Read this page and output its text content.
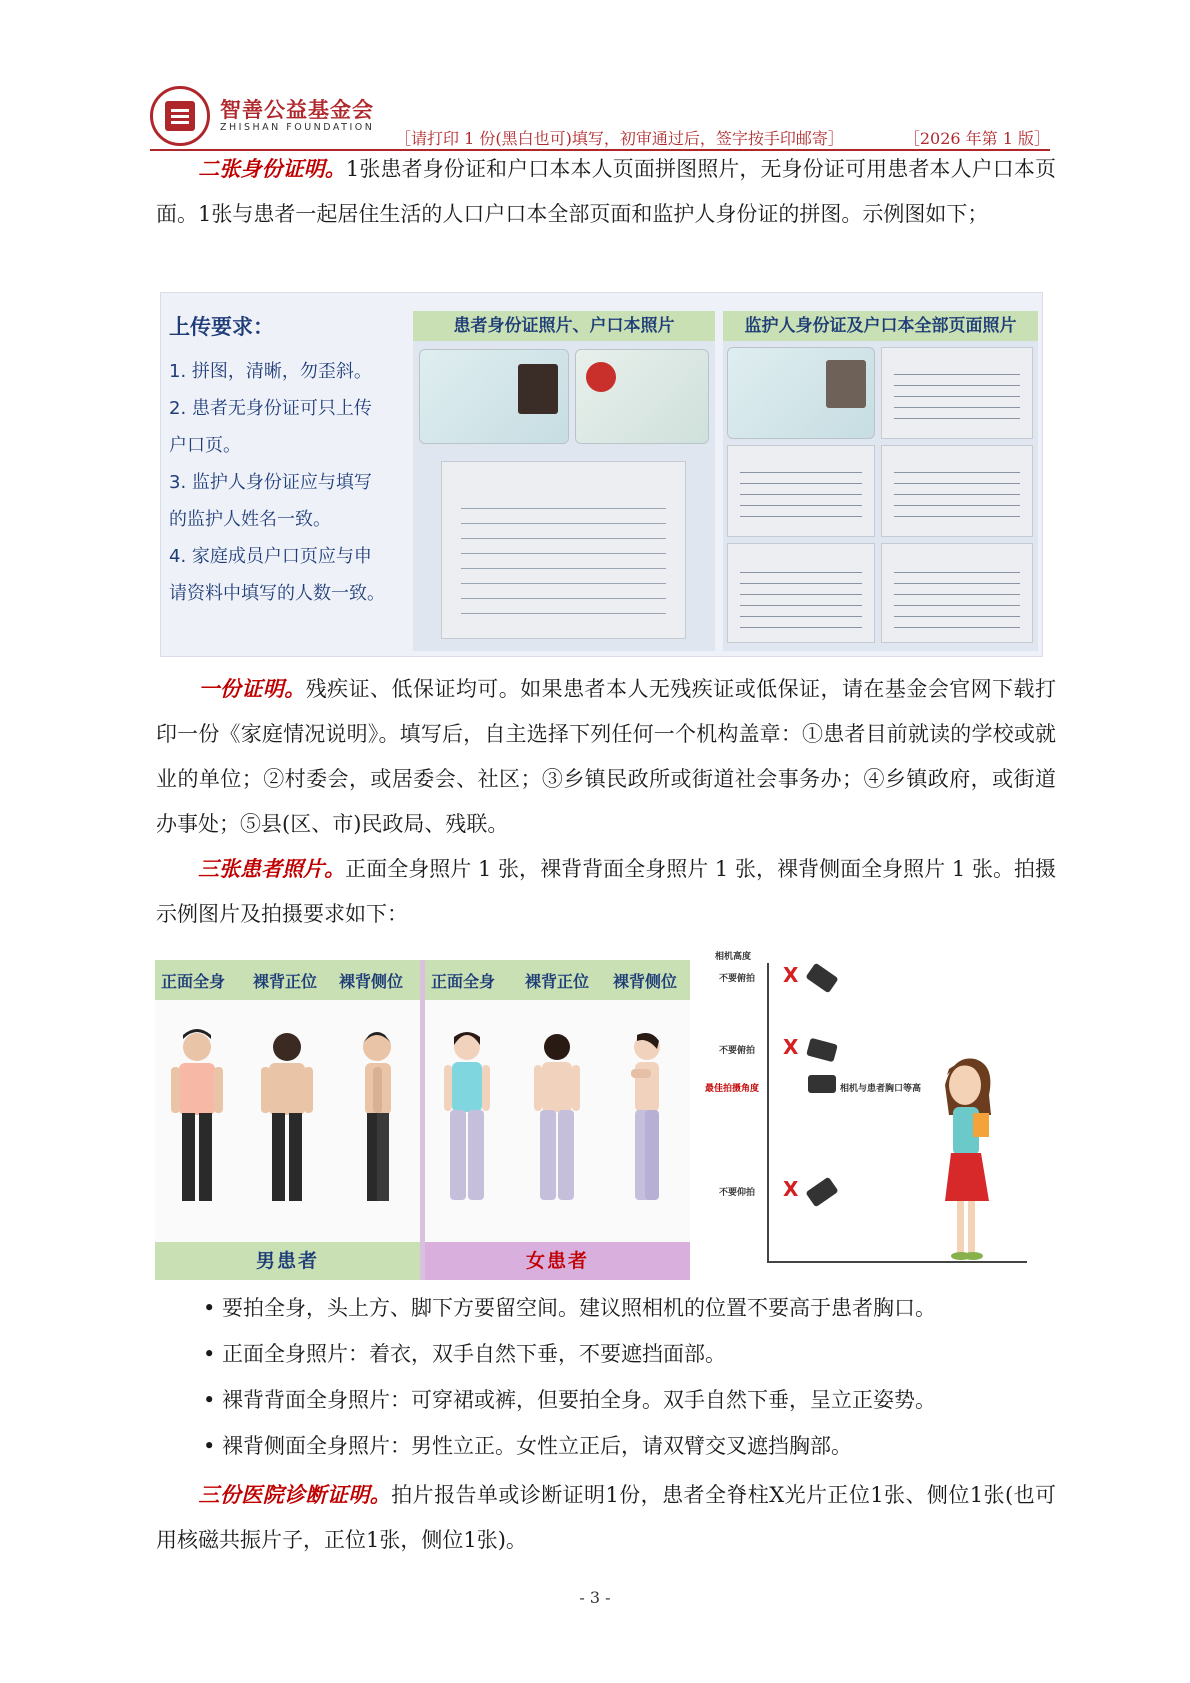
智善公益基金会
ZHISHAN FOUNDATION
［请打印 1 份(黑白也可)填写，初审通过后，签字按手印邮寄］	［2026 年第 1 版］
二张身份证明。1张患者身份证和户口本本人页面拼图照片，无身份证可用患者本人户口本页面。1张与患者一起居住生活的人口户口本全部页面和监护人身份证的拼图。示例图如下；
上传要求：
1. 拼图，清晰，勿歪斜。
2. 患者无身份证可只上传户口页。
3. 监护人身份证应与填写的监护人姓名一致。
4. 家庭成员户口页应与申请资料中填写的人数一致。
患者身份证照片、户口本照片	监护人身份证及户口本全部页面照片
一份证明。残疾证、低保证均可。如果患者本人无残疾证或低保证，请在基金会官网下载打印一份《家庭情况说明》。填写后，自主选择下列任何一个机构盖章：①患者目前就读的学校或就业的单位；②村委会，或居委会、社区；③乡镇民政所或街道社会事务办；④乡镇政府，或街道办事处；⑤县(区、市)民政局、残联。
三张患者照片。正面全身照片 1 张，裸背背面全身照片 1 张，裸背侧面全身照片 1 张。拍摄示例图片及拍摄要求如下：
正面全身 裸背正位 裸背侧位
男患者
正面全身 裸背正位 裸背侧位
女患者
相机高度
不要俯拍 X
不要俯拍 X
最佳拍摄角度	相机与患者胸口等高
不要仰拍 X
• 要拍全身，头上方、脚下方要留空间。建议照相机的位置不要高于患者胸口。
• 正面全身照片：着衣，双手自然下垂，不要遮挡面部。
• 裸背背面全身照片：可穿裙或裤，但要拍全身。双手自然下垂，呈立正姿势。
• 裸背侧面全身照片：男性立正。女性立正后，请双臂交叉遮挡胸部。
三份医院诊断证明。拍片报告单或诊断证明1份，患者全脊柱X光片正位1张、侧位1张(也可用核磁共振片子，正位1张，侧位1张)。
- 3 -
